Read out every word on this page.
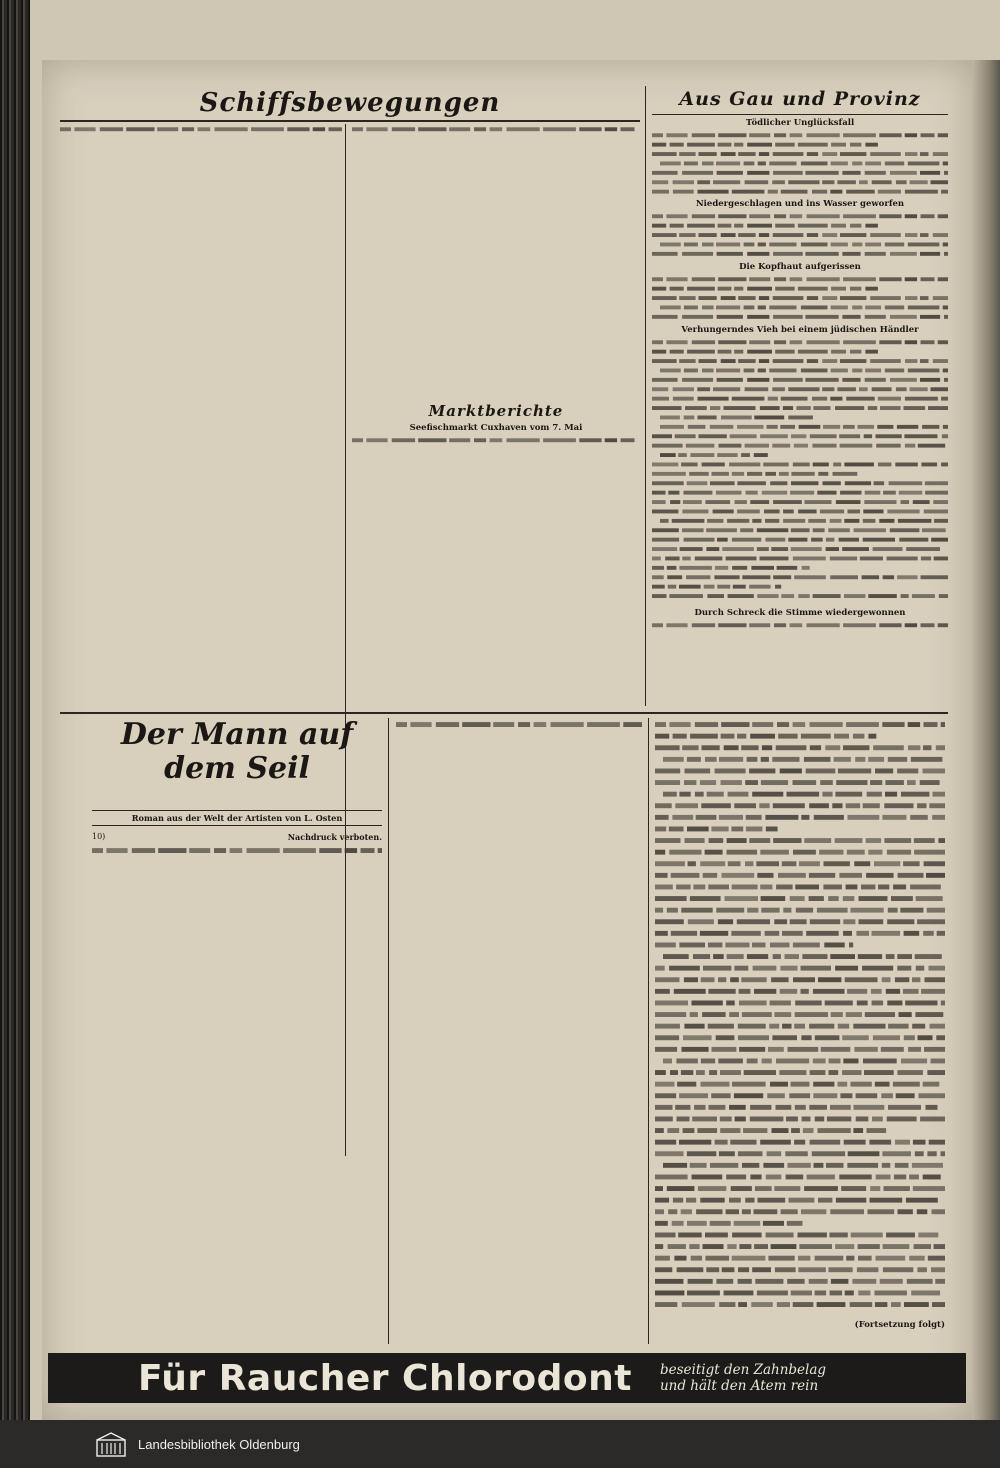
Schiffsbewegungen
Marktberichte
Seefischmarkt Cuxhaven vom 7. Mai
Aus Gau und Provinz
Tödlicher Unglücksfall
Niedergeschlagen und ins Wasser geworfen
Die Kopfhaut aufgerissen
Verhungerndes Vieh bei einem jüdischen Händler
Durch Schreck die Stimme wiedergewonnen
Der Mann auf
dem Seil
Roman aus der Welt der Artisten von L. Osten
10)	Nachdruck verboten.
(Fortsetzung folgt)
Für Raucher Chlorodont beseitigt den Zahnbelag
und hält den Atem rein
Landesbibliothek Oldenburg
